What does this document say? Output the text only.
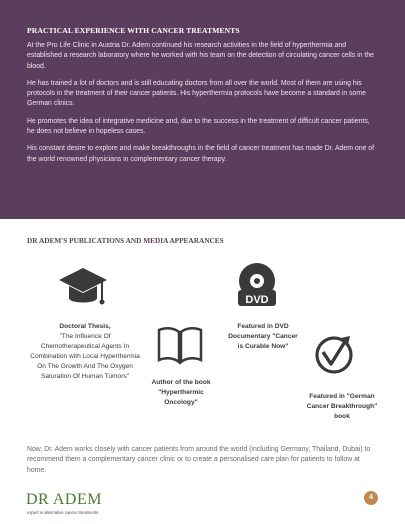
PRACTICAL EXPERIENCE WITH CANCER TREATMENTS

At the Pro Life Clinic in Austria Dr. Adem continued his research activities in the field of hyperthermia and established a research laboratory where he worked with his team on the detection of circulating cancer cells in the blood.

He has trained a lot of doctors and is still educating doctors from all over the world. Most of them are using his protocols in the treatment of their cancer patients. His hyperthermia protocols have become a standard in some German clinics.

He promotes the idea of integrative medicine and, due to the success in the treatment of difficult cancer patients, he does not believe in hopeless cases.

His constant desire to explore and make breakthroughs in the field of cancer treatment has made Dr. Adem one of the world renowned physicians in complementary cancer therapy.

DR ADEM'S PUBLICATIONS AND MEDIA APPEARANCES
Doctoral Thesis,
"The Influence Of Chemotherapeutical Agents In Combination with Local Hyperthermia On The Growth And The Oxygen Saturation Of Human Tumors"
Author of the book "Hyperthermic Oncology"
DVD
Featured in DVD Documentary "Cancer is Curable Now"
Featured in "German Cancer Breakthrough" book

Now, Dr. Adem works closely with cancer patients from around the world (including Germany, Thailand, Dubai) to recommend them a complementary cancer clinic or to create a personalised care plan for patients to follow at home.

DR ADEM
expert in alternative cancer treatments
4
